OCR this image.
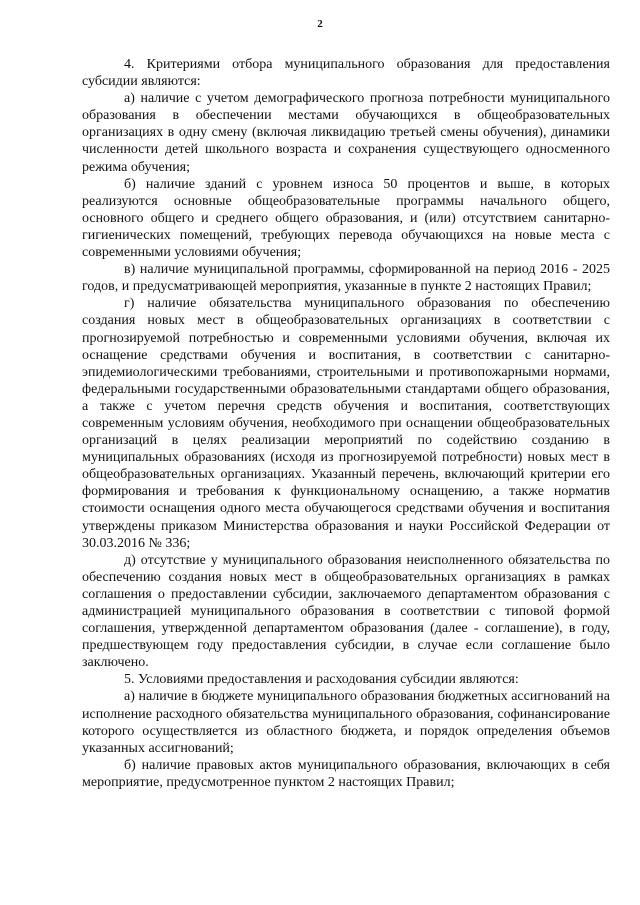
2

4. Критериями отбора муниципального образования для предоставления субсидии являются:

а) наличие с учетом демографического прогноза потребности муниципального образования в обеспечении местами обучающихся в общеобразовательных организациях в одну смену (включая ликвидацию третьей смены обучения), динамики численности детей школьного возраста и сохранения существующего односменного режима обучения;

б) наличие зданий с уровнем износа 50 процентов и выше, в которых реализуются основные общеобразовательные программы начального общего, основного общего и среднего общего образования, и (или) отсутствием санитарно-гигиенических помещений, требующих перевода обучающихся на новые места с современными условиями обучения;

в) наличие муниципальной программы, сформированной на период 2016 - 2025 годов, и предусматривающей мероприятия, указанные в пункте 2 настоящих Правил;

г) наличие обязательства муниципального образования по обеспечению создания новых мест в общеобразовательных организациях в соответствии с прогнозируемой потребностью и современными условиями обучения, включая их оснащение средствами обучения и воспитания, в соответствии с санитарно-эпидемиологическими требованиями, строительными и противопожарными нормами, федеральными государственными образовательными стандартами общего образования, а также с учетом перечня средств обучения и воспитания, соответствующих современным условиям обучения, необходимого при оснащении общеобразовательных организаций в целях реализации мероприятий по содействию созданию в муниципальных образованиях (исходя из прогнозируемой потребности) новых мест в общеобразовательных организациях. Указанный перечень, включающий критерии его формирования и требования к функциональному оснащению, а также норматив стоимости оснащения одного места обучающегося средствами обучения и воспитания утверждены приказом Министерства образования и науки Российской Федерации от 30.03.2016 № 336;

д) отсутствие у муниципального образования неисполненного обязательства по обеспечению создания новых мест в общеобразовательных организациях в рамках соглашения о предоставлении субсидии, заключаемого департаментом образования с администрацией муниципального образования в соответствии с типовой формой соглашения, утвержденной департаментом образования (далее - соглашение), в году, предшествующем году предоставления субсидии, в случае если соглашение было заключено.

5. Условиями предоставления и расходования субсидии являются:

а) наличие в бюджете муниципального образования бюджетных ассигнований на исполнение расходного обязательства муниципального образования, софинансирование которого осуществляется из областного бюджета, и порядок определения объемов указанных ассигнований;

б) наличие правовых актов муниципального образования, включающих в себя мероприятие, предусмотренное пунктом 2 настоящих Правил;
